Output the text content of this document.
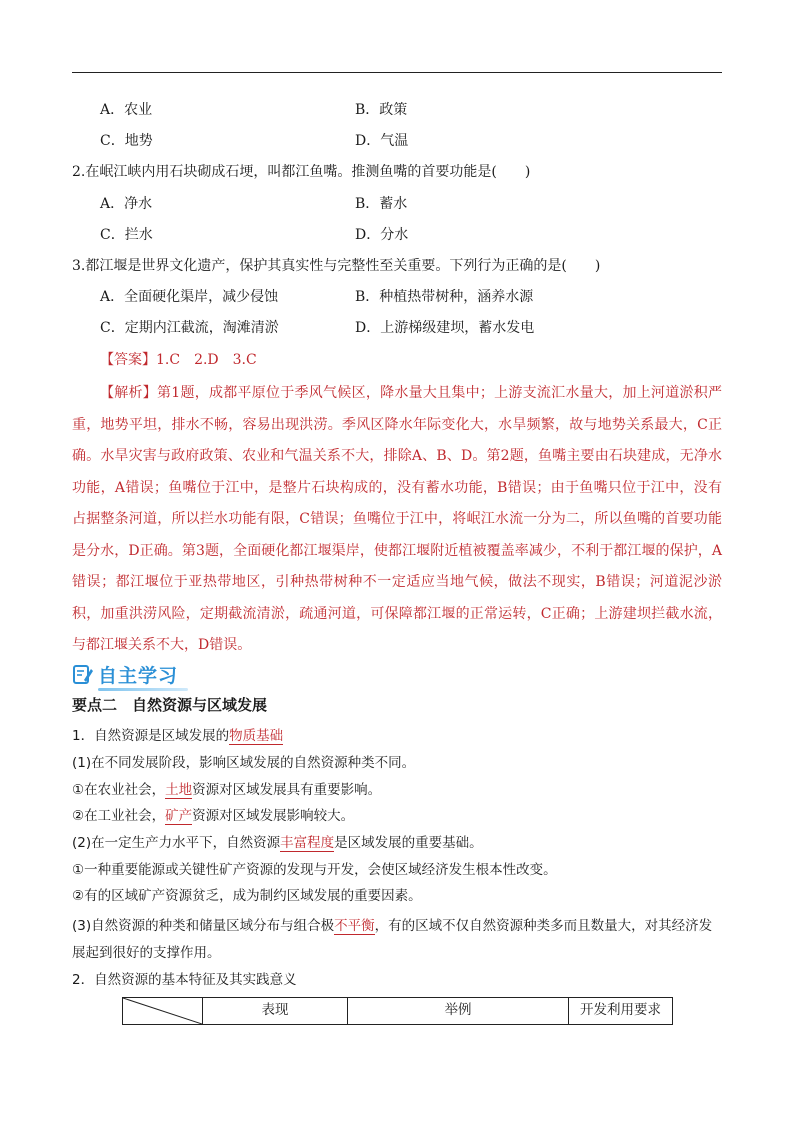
A．农业	B．政策
C．地势	D．气温
2.在岷江峡内用石块砌成石埂，叫都江鱼嘴。推测鱼嘴的首要功能是(　　)
A．净水	B．蓄水
C．拦水	D．分水
3.都江堰是世界文化遗产，保护其真实性与完整性至关重要。下列行为正确的是(　　)
A．全面硬化渠岸，减少侵蚀	B．种植热带树种，涵养水源
C．定期内江截流，淘滩清淤	D．上游梯级建坝，蓄水发电
【答案】1.C　2.D　3.C
【解析】第1题，成都平原位于季风气候区，降水量大且集中；上游支流汇水量大，加上河道淤积严重，地势平坦，排水不畅，容易出现洪涝。季风区降水年际变化大，水旱频繁，故与地势关系最大，C正确。水旱灾害与政府政策、农业和气温关系不大，排除A、B、D。第2题，鱼嘴主要由石块建成，无净水功能，A错误；鱼嘴位于江中，是整片石块构成的，没有蓄水功能，B错误；由于鱼嘴只位于江中，没有占据整条河道，所以拦水功能有限，C错误；鱼嘴位于江中，将岷江水流一分为二，所以鱼嘴的首要功能是分水，D正确。第3题，全面硬化都江堰渠岸，使都江堰附近植被覆盖率减少，不利于都江堰的保护，A错误；都江堰位于亚热带地区，引种热带树种不一定适应当地气候，做法不现实，B错误；河道泥沙淤积，加重洪涝风险，定期截流清淤，疏通河道，可保障都江堰的正常运转，C正确；上游建坝拦截水流，与都江堰关系不大，D错误。
自主学习
要点二　自然资源与区域发展
1．自然资源是区域发展的物质基础
(1)在不同发展阶段，影响区域发展的自然资源种类不同。
①在农业社会，土地资源对区域发展具有重要影响。
②在工业社会，矿产资源对区域发展影响较大。
(2)在一定生产力水平下，自然资源丰富程度是区域发展的重要基础。
①一种重要能源或关键性矿产资源的发现与开发，会使区域经济发生根本性改变。
②有的区域矿产资源贫乏，成为制约区域发展的重要因素。
(3)自然资源的种类和储量区域分布与组合极不平衡，有的区域不仅自然资源种类多而且数量大，对其经济发展起到很好的支撑作用。
2．自然资源的基本特征及其实践意义
	表现	举例	开发利用要求
